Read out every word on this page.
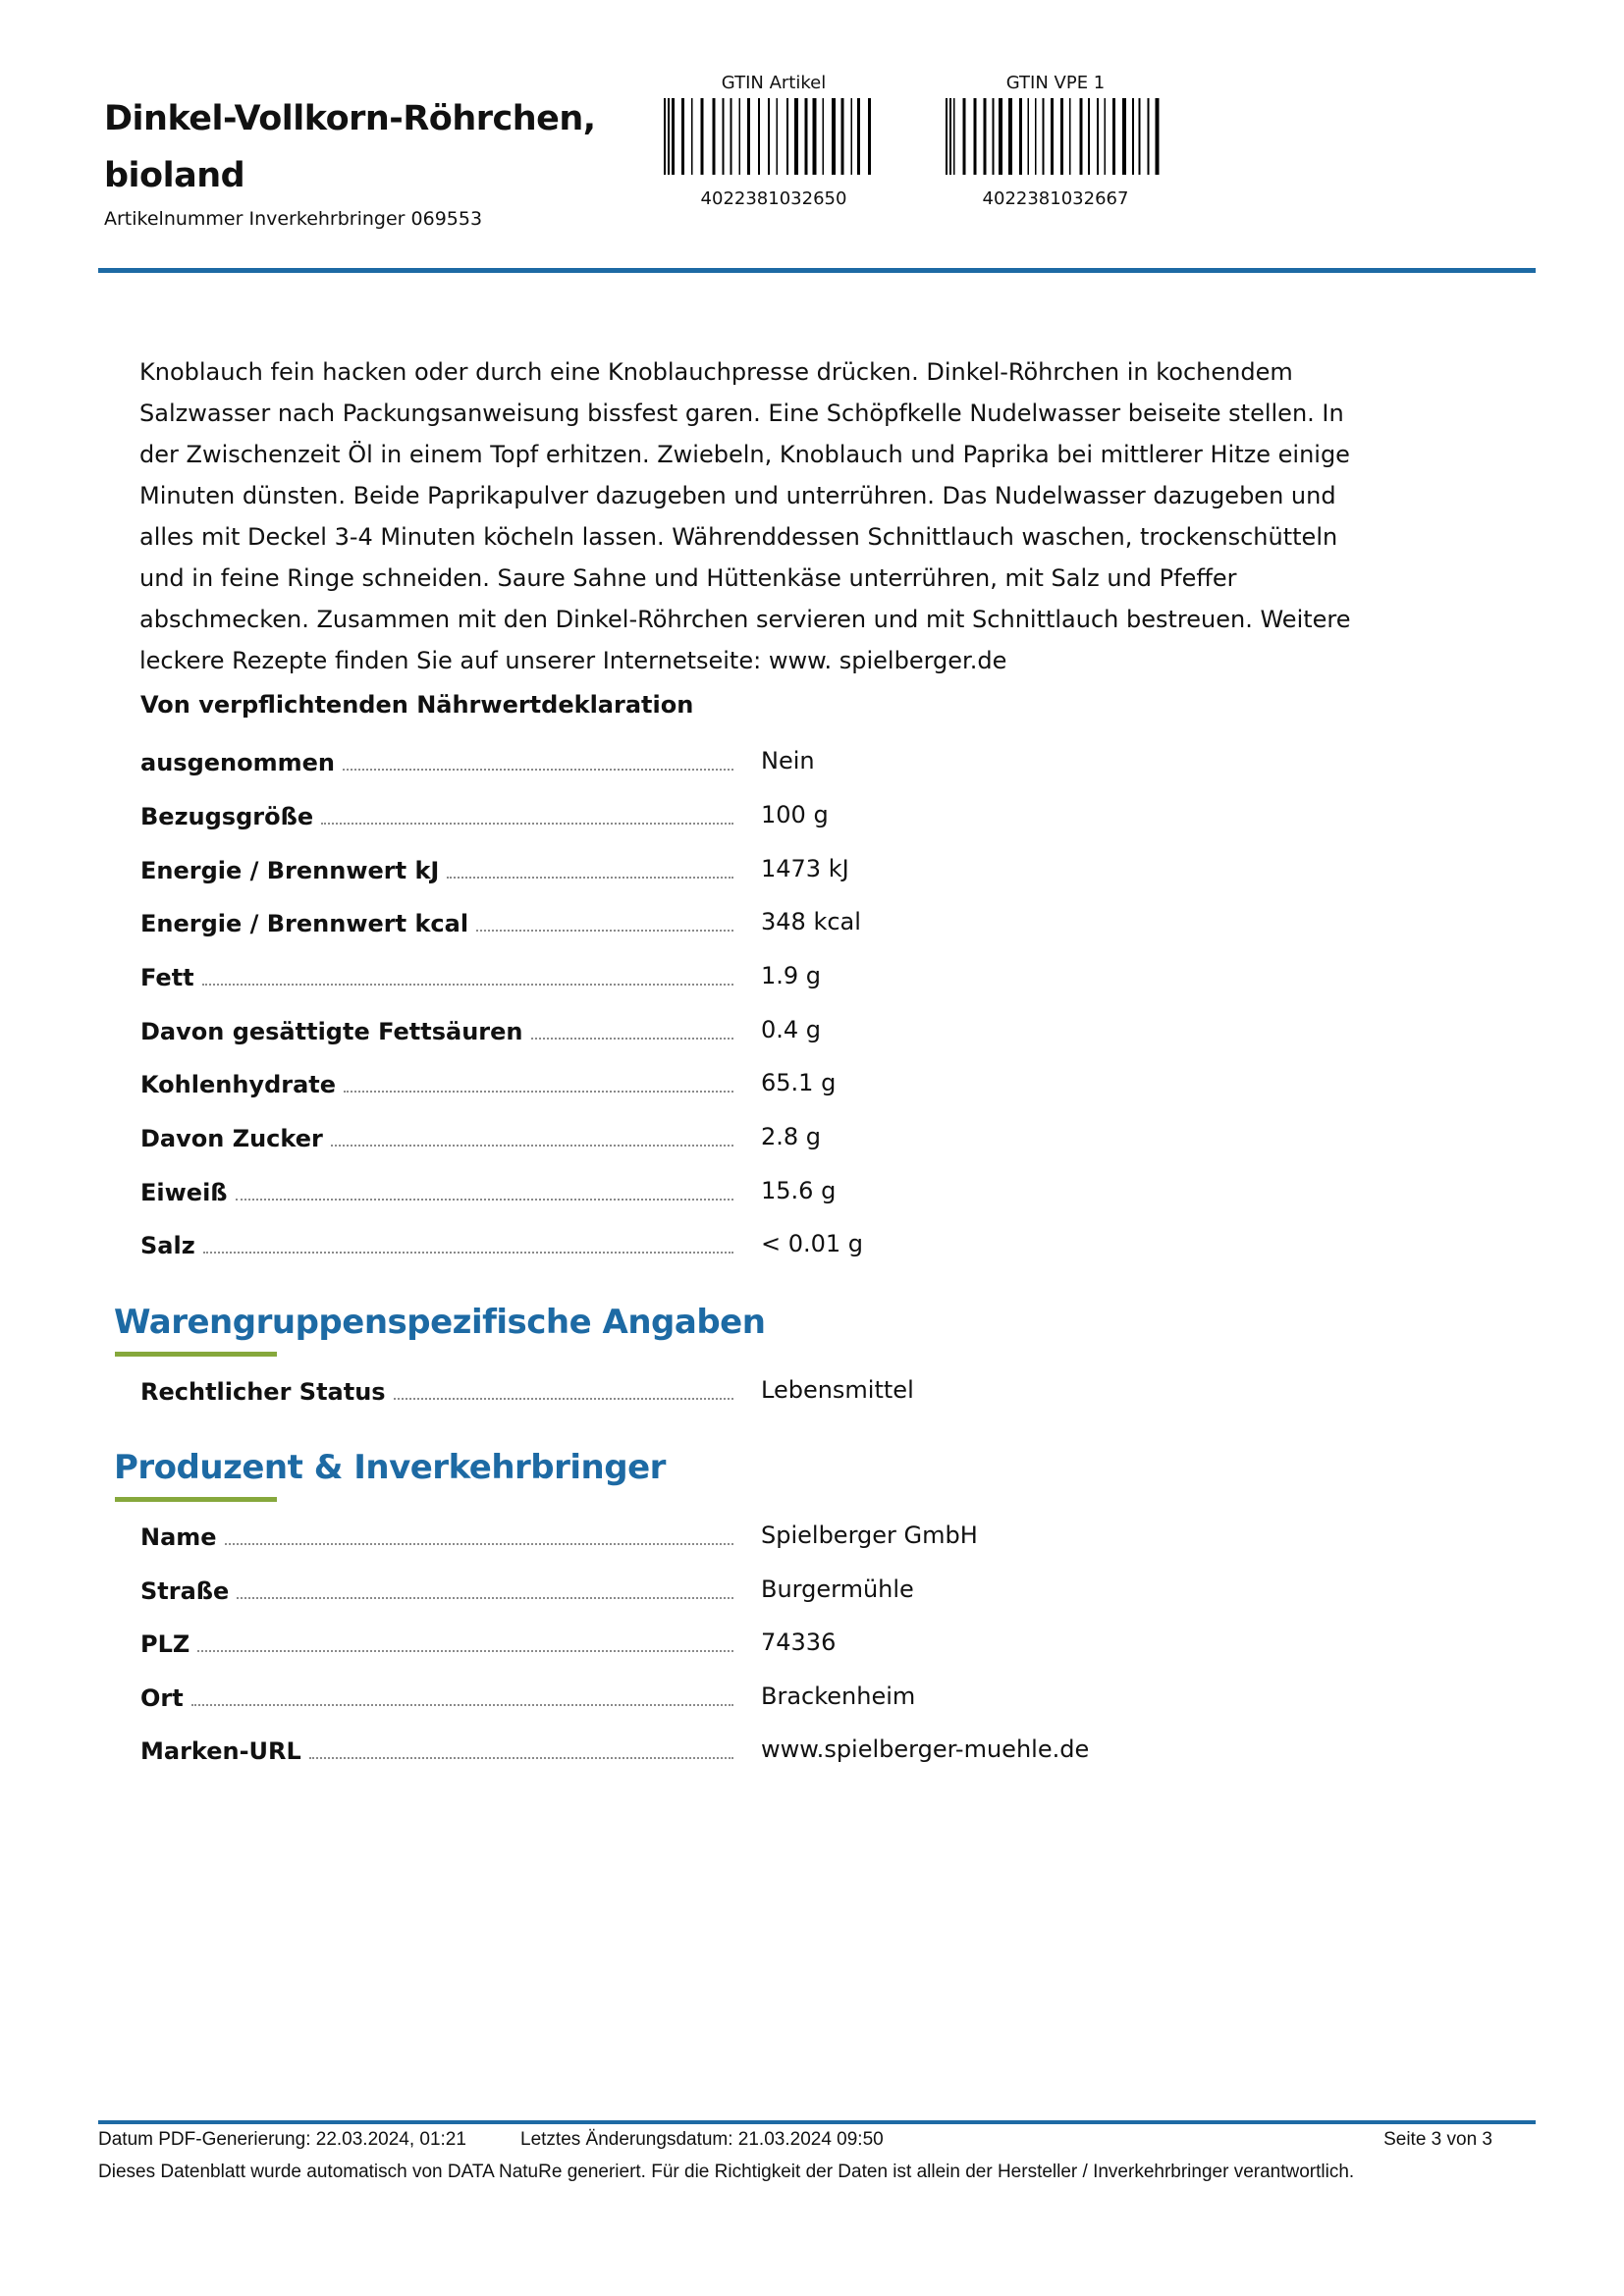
Dinkel-Vollkorn-Röhrchen,
bioland
Artikelnummer Inverkehrbringer 069553
GTIN Artikel
4022381032650
GTIN VPE 1
4022381032667

Knoblauch fein hacken oder durch eine Knoblauchpresse drücken. Dinkel-Röhrchen in kochendem Salzwasser nach Packungsanweisung bissfest garen. Eine Schöpfkelle Nudelwasser beiseite stellen. In der Zwischenzeit Öl in einem Topf erhitzen. Zwiebeln, Knoblauch und Paprika bei mittlerer Hitze einige Minuten dünsten. Beide Paprikapulver dazugeben und unterrühren. Das Nudelwasser dazugeben und alles mit Deckel 3-4 Minuten köcheln lassen. Währenddessen Schnittlauch waschen, trockenschütteln und in feine Ringe schneiden. Saure Sahne und Hüttenkäse unterrühren, mit Salz und Pfeffer abschmecken. Zusammen mit den Dinkel-Röhrchen servieren und mit Schnittlauch bestreuen. Weitere leckere Rezepte finden Sie auf unserer Internetseite: www. spielberger.de

Von verpflichtenden Nährwertdeklaration
ausgenommen	Nein
Bezugsgröße	100 g
Energie / Brennwert kJ	1473 kJ
Energie / Brennwert kcal	348 kcal
Fett	1.9 g
Davon gesättigte Fettsäuren	0.4 g
Kohlenhydrate	65.1 g
Davon Zucker	2.8 g
Eiweiß	15.6 g
Salz	< 0.01 g
Warengruppenspezifische Angaben
Rechtlicher Status	Lebensmittel
Produzent & Inverkehrbringer
Name	Spielberger GmbH
Straße	Burgermühle
PLZ	74336
Ort	Brackenheim
Marken-URL	www.spielberger-muehle.de
Datum PDF-Generierung: 22.03.2024, 01:21	Letztes Änderungsdatum: 21.03.2024 09:50	Seite 3 von 3
Dieses Datenblatt wurde automatisch von DATA NatuRe generiert. Für die Richtigkeit der Daten ist allein der Hersteller / Inverkehrbringer verantwortlich.
